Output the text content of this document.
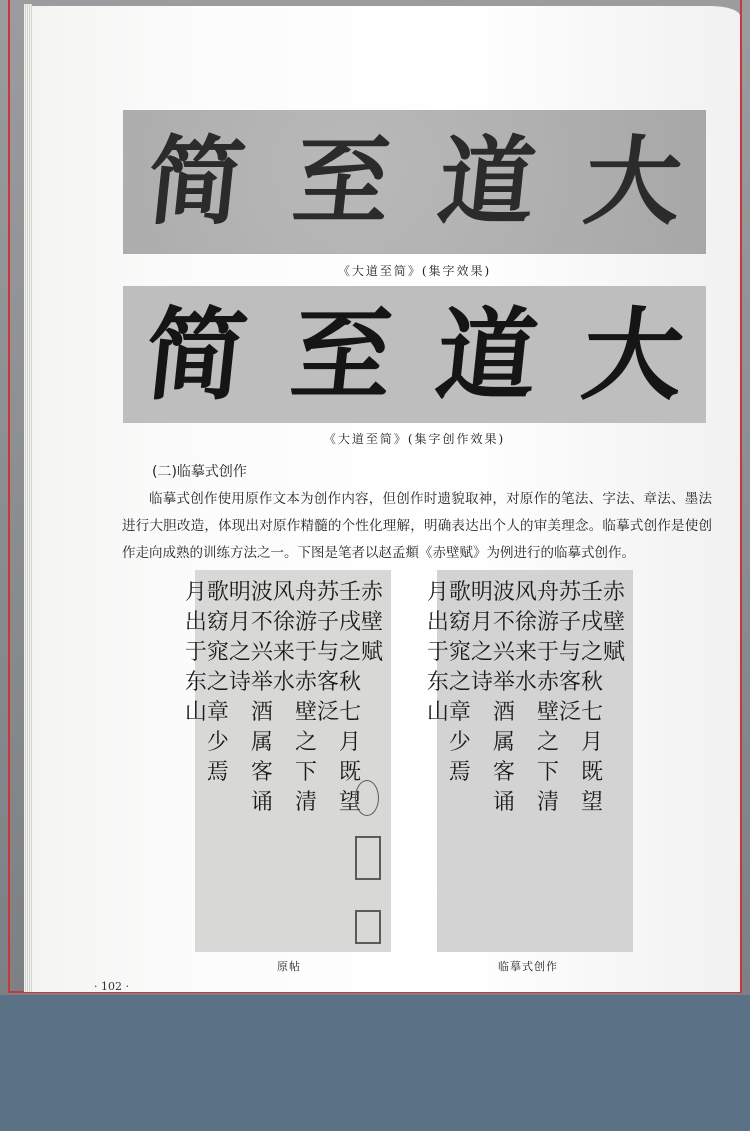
简 至 道 大
《大道至简》(集字效果)
简 至 道 大
《大道至简》(集字创作效果)
(二)临摹式创作

临摹式创作使用原作文本为创作内容，但创作时遗貌取神，对原作的笔法、字法、章法、墨法进行大胆改造，体现出对原作精髓的个性化理解，明确表达出个人的审美理念。临摹式创作是使创作走向成熟的训练方法之一。下图是笔者以赵孟頫《赤壁赋》为例进行的临摹式创作。

赤
壁
赋
壬
戌
之
秋
七
月
既
望
苏
子
与
客
泛
舟
游
于
赤
壁
之
下
清
风
徐
来
水
波
不
兴
举
酒
属
客
诵
明
月
之
诗
歌
窈
窕
之
章
少
焉
月
出
于
东
山
赤
壁
赋
壬
戌
之
秋
七
月
既
望
苏
子
与
客
泛
舟
游
于
赤
壁
之
下
清
风
徐
来
水
波
不
兴
举
酒
属
客
诵
明
月
之
诗
歌
窈
窕
之
章
少
焉
月
出
于
东
山
原帖	临摹式创作
· 102 ·
